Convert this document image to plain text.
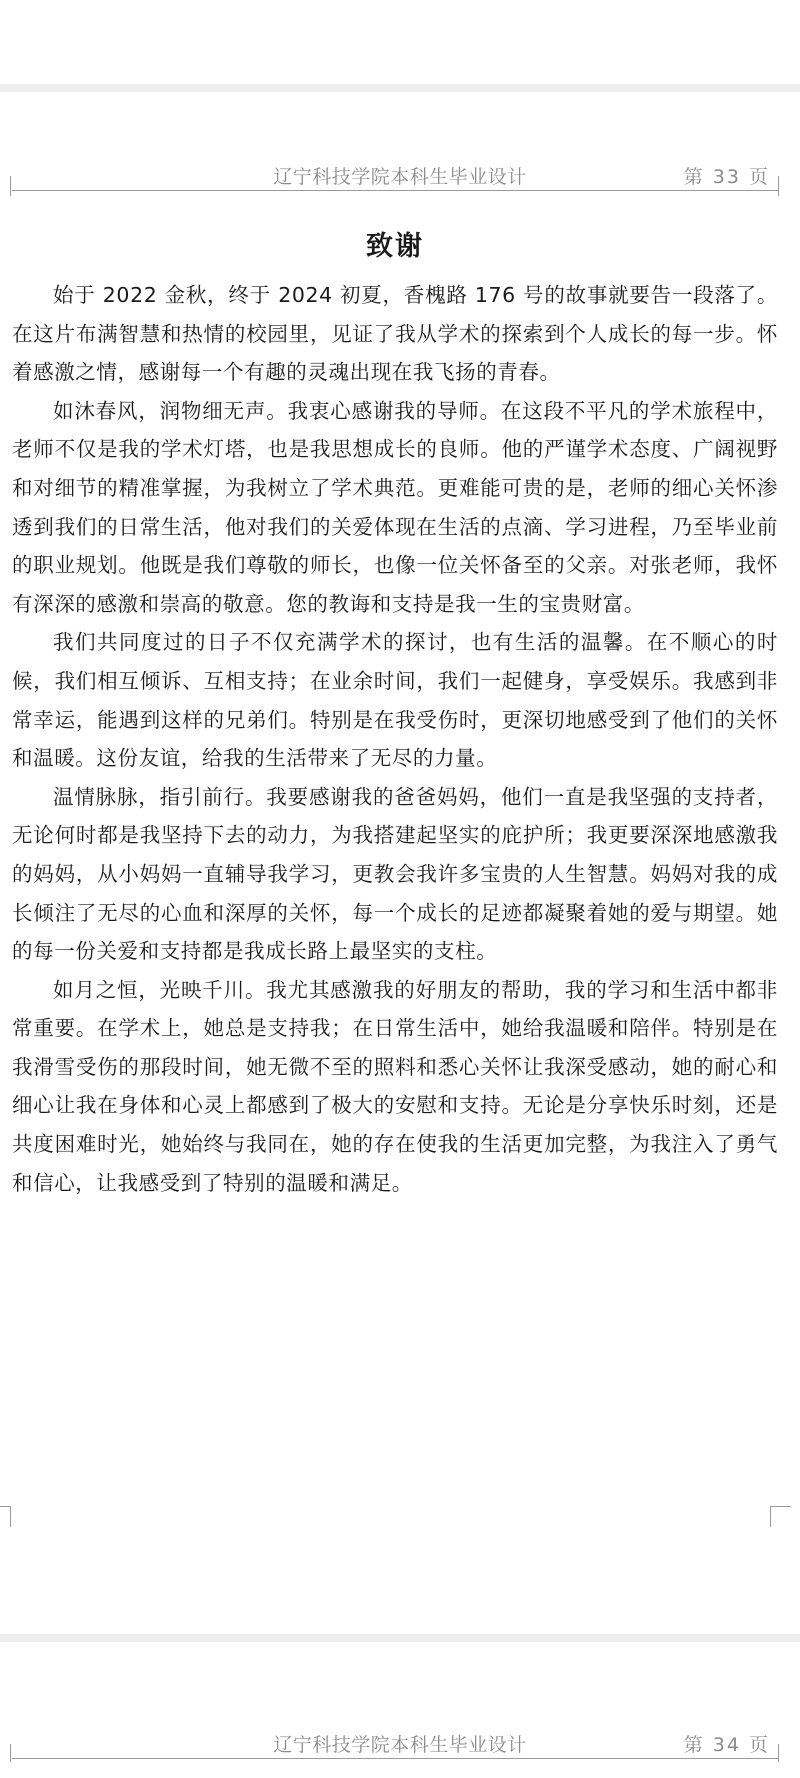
辽宁科技学院本科生毕业设计	第 33 页
致谢

始于 2022 金秋，终于 2024 初夏，香槐路 176 号的故事就要告一段落了。在这片布满智慧和热情的校园里，见证了我从学术的探索到个人成长的每一步。怀着感激之情，感谢每一个有趣的灵魂出现在我飞扬的青春。

如沐春风，润物细无声。我衷心感谢我的导师。在这段不平凡的学术旅程中，老师不仅是我的学术灯塔，也是我思想成长的良师。他的严谨学术态度、广阔视野和对细节的精准掌握，为我树立了学术典范。更难能可贵的是，老师的细心关怀渗透到我们的日常生活，他对我们的关爱体现在生活的点滴、学习进程，乃至毕业前的职业规划。他既是我们尊敬的师长，也像一位关怀备至的父亲。对张老师，我怀有深深的感激和崇高的敬意。您的教诲和支持是我一生的宝贵财富。

我们共同度过的日子不仅充满学术的探讨，也有生活的温馨。在不顺心的时候，我们相互倾诉、互相支持；在业余时间，我们一起健身，享受娱乐。我感到非常幸运，能遇到这样的兄弟们。特别是在我受伤时，更深切地感受到了他们的关怀和温暖。这份友谊，给我的生活带来了无尽的力量。

温情脉脉，指引前行。我要感谢我的爸爸妈妈，他们一直是我坚强的支持者，无论何时都是我坚持下去的动力，为我搭建起坚实的庇护所；我更要深深地感激我的妈妈，从小妈妈一直辅导我学习，更教会我许多宝贵的人生智慧。妈妈对我的成长倾注了无尽的心血和深厚的关怀，每一个成长的足迹都凝聚着她的爱与期望。她的每一份关爱和支持都是我成长路上最坚实的支柱。

如月之恒，光映千川。我尤其感激我的好朋友的帮助，我的学习和生活中都非常重要。在学术上，她总是支持我；在日常生活中，她给我温暖和陪伴。特别是在我滑雪受伤的那段时间，她无微不至的照料和悉心关怀让我深受感动，她的耐心和细心让我在身体和心灵上都感到了极大的安慰和支持。无论是分享快乐时刻，还是共度困难时光，她始终与我同在，她的存在使我的生活更加完整，为我注入了勇气和信心，让我感受到了特别的温暖和满足。

辽宁科技学院本科生毕业设计	第 34 页
